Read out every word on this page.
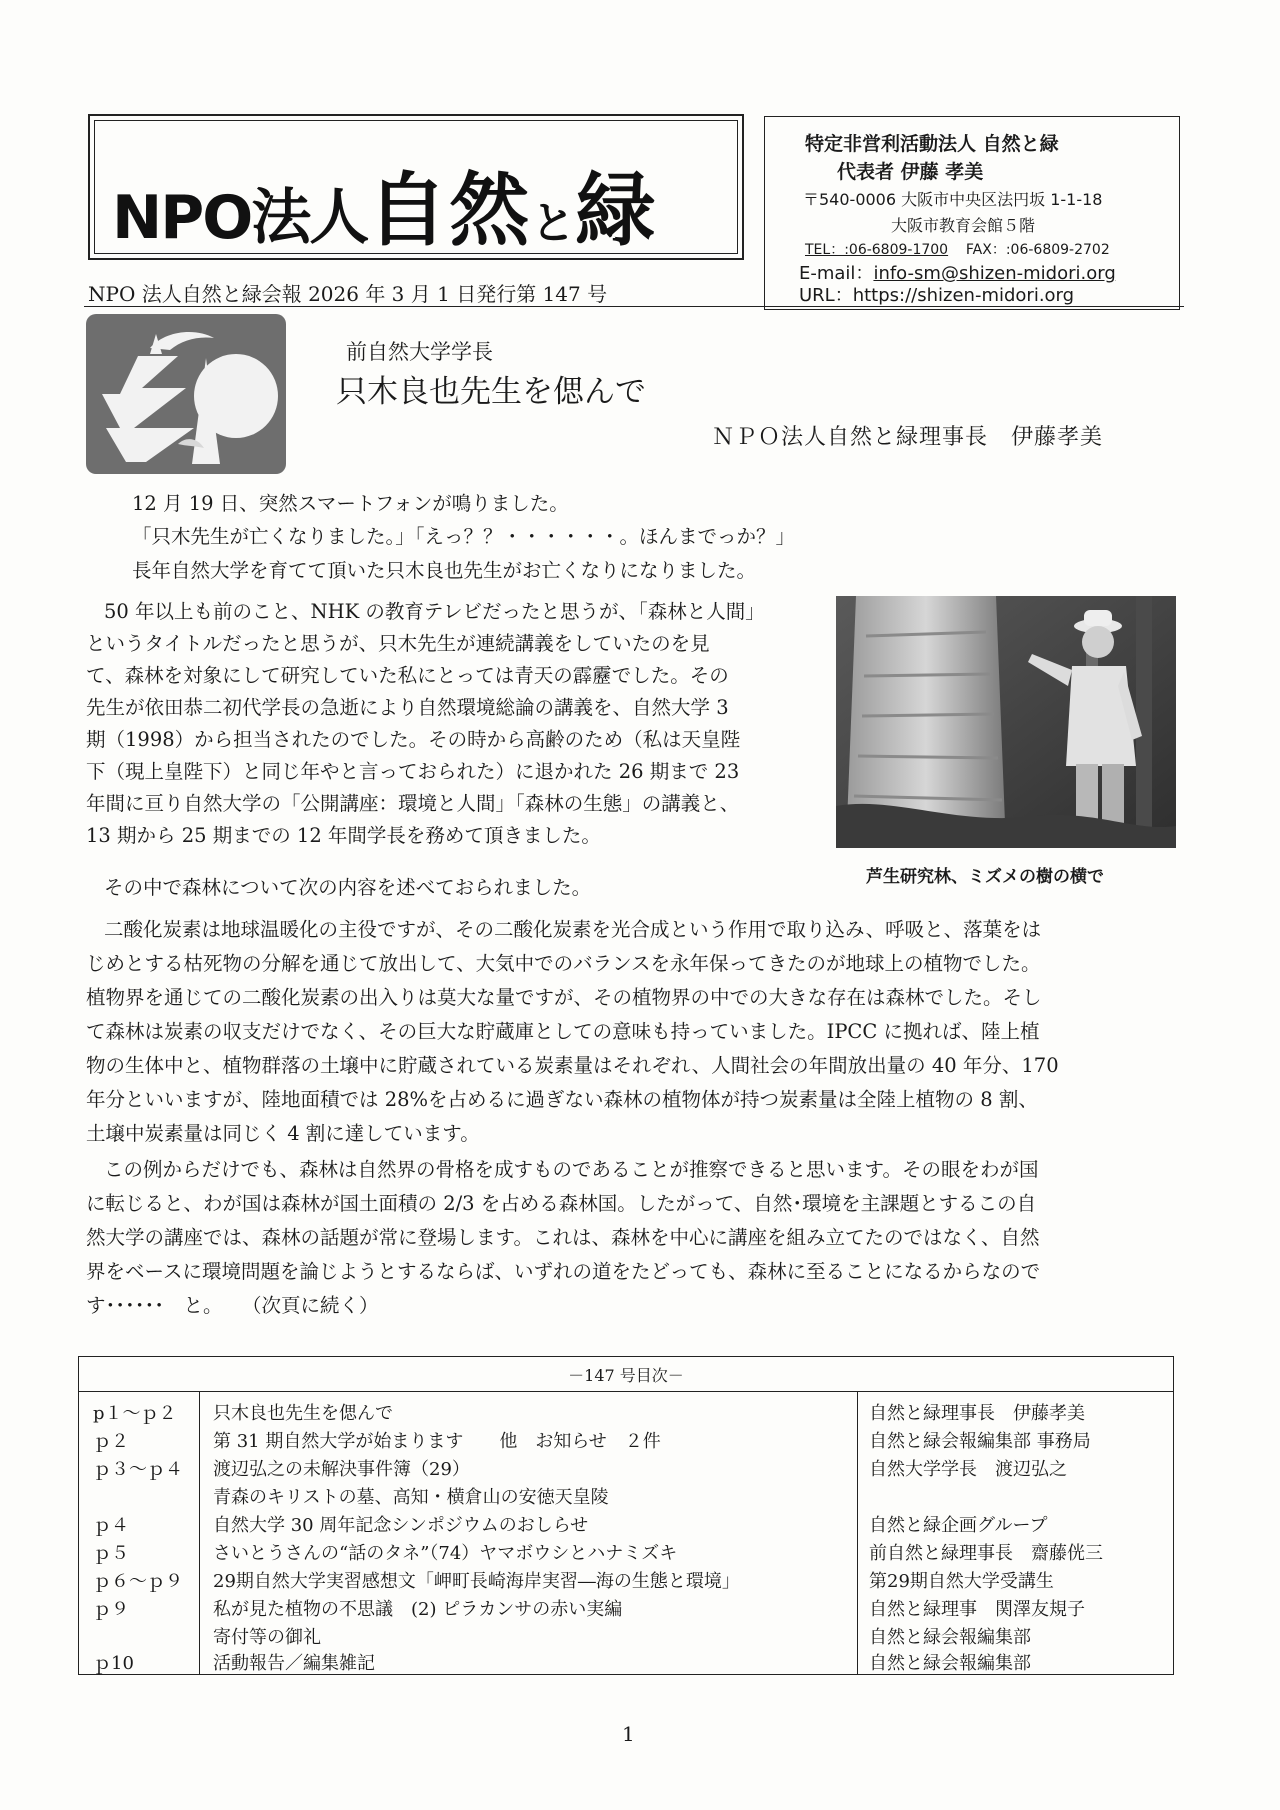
NPO法人自然と緑
NPO 法人自然と緑会報 2026 年 3 月 1 日発行第 147 号
特定非営利活動法人 自然と緑
代表者 伊藤 孝美
〒540-0006 大阪市中央区法円坂 1-1-18
大阪市教育会館５階
TEL：:06-6809-1700 FAX：:06-6809-2702
E-mail：info-sm@shizen-midori.org
URL：https://shizen-midori.org
前自然大学学長
只木良也先生を偲んで
ＮＰＯ法人自然と緑理事長　伊藤孝美
12 月 19 日、突然スマートフォンが鳴りました。
「只木先生が亡くなりました。」「えっ？？・・・・・・。ほんまでっか？」
長年自然大学を育てて頂いた只木良也先生がお亡くなりになりました。
50 年以上も前のこと、NHK の教育テレビだったと思うが、「森林と人間」
というタイトルだったと思うが、只木先生が連続講義をしていたのを見
て、森林を対象にして研究していた私にとっては青天の霹靂でした。その
先生が依田恭二初代学長の急逝により自然環境総論の講義を、自然大学 3
期（1998）から担当されたのでした。その時から高齢のため（私は天皇陛
下（現上皇陛下）と同じ年やと言っておられた）に退かれた 26 期まで 23
年間に亘り自然大学の「公開講座：環境と人間」「森林の生態」の講義と、
13 期から 25 期までの 12 年間学長を務めて頂きました。
その中で森林について次の内容を述べておられました。	芦生研究林、ミズメの樹の横で
二酸化炭素は地球温暖化の主役ですが、その二酸化炭素を光合成という作用で取り込み、呼吸と、落葉をは
じめとする枯死物の分解を通じて放出して、大気中でのバランスを永年保ってきたのが地球上の植物でした。
植物界を通じての二酸化炭素の出入りは莫大な量ですが、その植物界の中での大きな存在は森林でした。そし
て森林は炭素の収支だけでなく、その巨大な貯蔵庫としての意味も持っていました。IPCC に拠れば、陸上植
物の生体中と、植物群落の土壌中に貯蔵されている炭素量はそれぞれ、人間社会の年間放出量の 40 年分、170
年分といいますが、陸地面積では 28%を占めるに過ぎない森林の植物体が持つ炭素量は全陸上植物の 8 割、
土壌中炭素量は同じく 4 割に達しています。
この例からだけでも、森林は自然界の骨格を成すものであることが推察できると思います。その眼をわが国
に転じると、わが国は森林が国土面積の 2/3 を占める森林国。したがって、自然･環境を主課題とするこの自
然大学の講座では、森林の話題が常に登場します。これは、森林を中心に講座を組み立てたのではなく、自然
界をベースに環境問題を論じようとするならば、いずれの道をたどっても、森林に至ることになるからなので
す･･････　と。　　（次頁に続く）
－147 号目次－
p１～ｐ２ 只木良也先生を偲んで	自然と緑理事長　伊藤孝美
ｐ２	第 31 期自然大学が始まります　　他　お知らせ　２件	自然と緑会報編集部 事務局
ｐ３～ｐ４ 渡辺弘之の未解決事件簿（29）	自然大学学長　渡辺弘之
青森のキリストの墓、高知・横倉山の安徳天皇陵
ｐ４	自然大学 30 周年記念シンポジウムのおしらせ	自然と緑企画グループ
ｐ５	さいとうさんの“話のタネ”（74）ヤマボウシとハナミズキ	前自然と緑理事長　齋藤侊三
ｐ６～ｐ９ 29期自然大学実習感想文「岬町長崎海岸実習―海の生態と環境」	第29期自然大学受講生
ｐ９	私が見た植物の不思議　(2) ピラカンサの赤い実編	自然と緑理事　関澤友規子
寄付等の御礼	自然と緑会報編集部
ｐ10	活動報告／編集雑記	自然と緑会報編集部
1
